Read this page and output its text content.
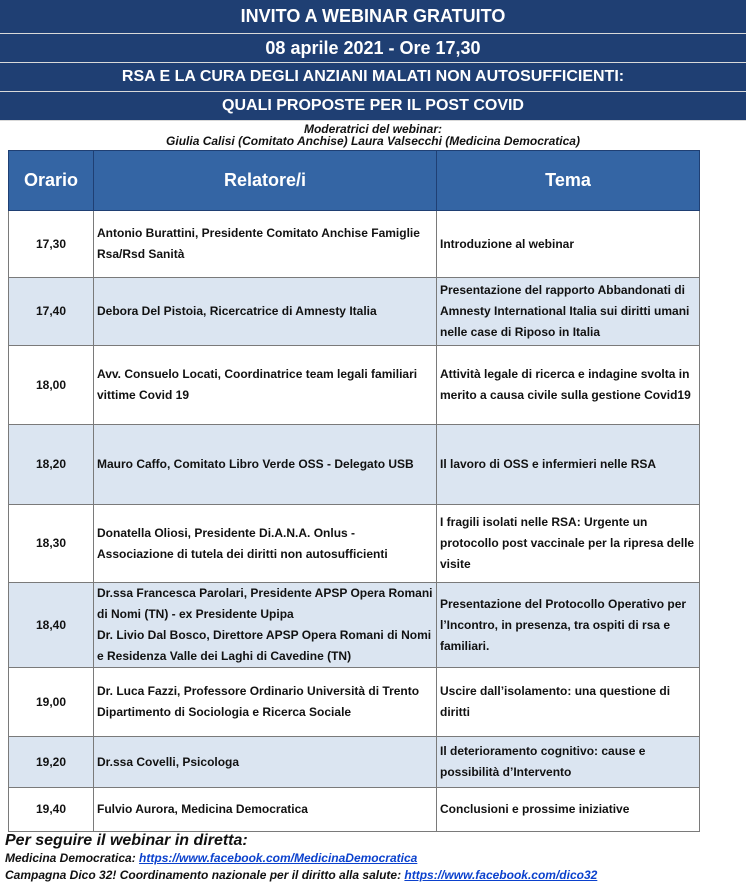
INVITO A WEBINAR GRATUITO
08 aprile 2021 - Ore 17,30
RSA E LA CURA DEGLI ANZIANI MALATI NON AUTOSUFFICIENTI:
QUALI PROPOSTE PER IL POST COVID
Moderatrici del webinar:
Giulia Calisi (Comitato Anchise) Laura Valsecchi (Medicina Democratica)
Orario	Relatore/i	Tema
17,30	Antonio Burattini, Presidente Comitato Anchise Famiglie Rsa/Rsd Sanità	Introduzione al webinar
17,40	Debora Del Pistoia, Ricercatrice di Amnesty Italia	Presentazione del rapporto Abbandonati di Amnesty International Italia sui diritti umani nelle case di Riposo in Italia
18,00	Avv. Consuelo Locati, Coordinatrice team legali familiari vittime Covid 19	Attività legale di ricerca e indagine svolta in merito a causa civile sulla gestione Covid19
18,20	Mauro Caffo, Comitato Libro Verde OSS - Delegato USB	Il lavoro di OSS e infermieri nelle RSA
18,30	Donatella Oliosi, Presidente Di.A.N.A. Onlus - Associazione di tutela dei diritti non autosufficienti	I fragili isolati nelle RSA: Urgente un protocollo post vaccinale per la ripresa delle visite
18,40	Dr.ssa Francesca Parolari, Presidente APSP Opera Romani di Nomi (TN) - ex Presidente Upipa
Dr. Livio Dal Bosco, Direttore APSP Opera Romani di Nomi e Residenza Valle dei Laghi di Cavedine (TN)	Presentazione del Protocollo Operativo per l’Incontro, in presenza, tra ospiti di rsa e familiari.
19,00	Dr. Luca Fazzi, Professore Ordinario Università di Trento Dipartimento di Sociologia e Ricerca Sociale	Uscire dall’isolamento: una questione di diritti
19,20	Dr.ssa Covelli, Psicologa	Il deterioramento cognitivo: cause e possibilità d’Intervento
19,40	Fulvio Aurora, Medicina Democratica	Conclusioni e prossime iniziative
Per seguire il webinar in diretta:
Medicina Democratica: https://www.facebook.com/MedicinaDemocratica
Campagna Dico 32! Coordinamento nazionale per il diritto alla salute: https://www.facebook.com/dico32
